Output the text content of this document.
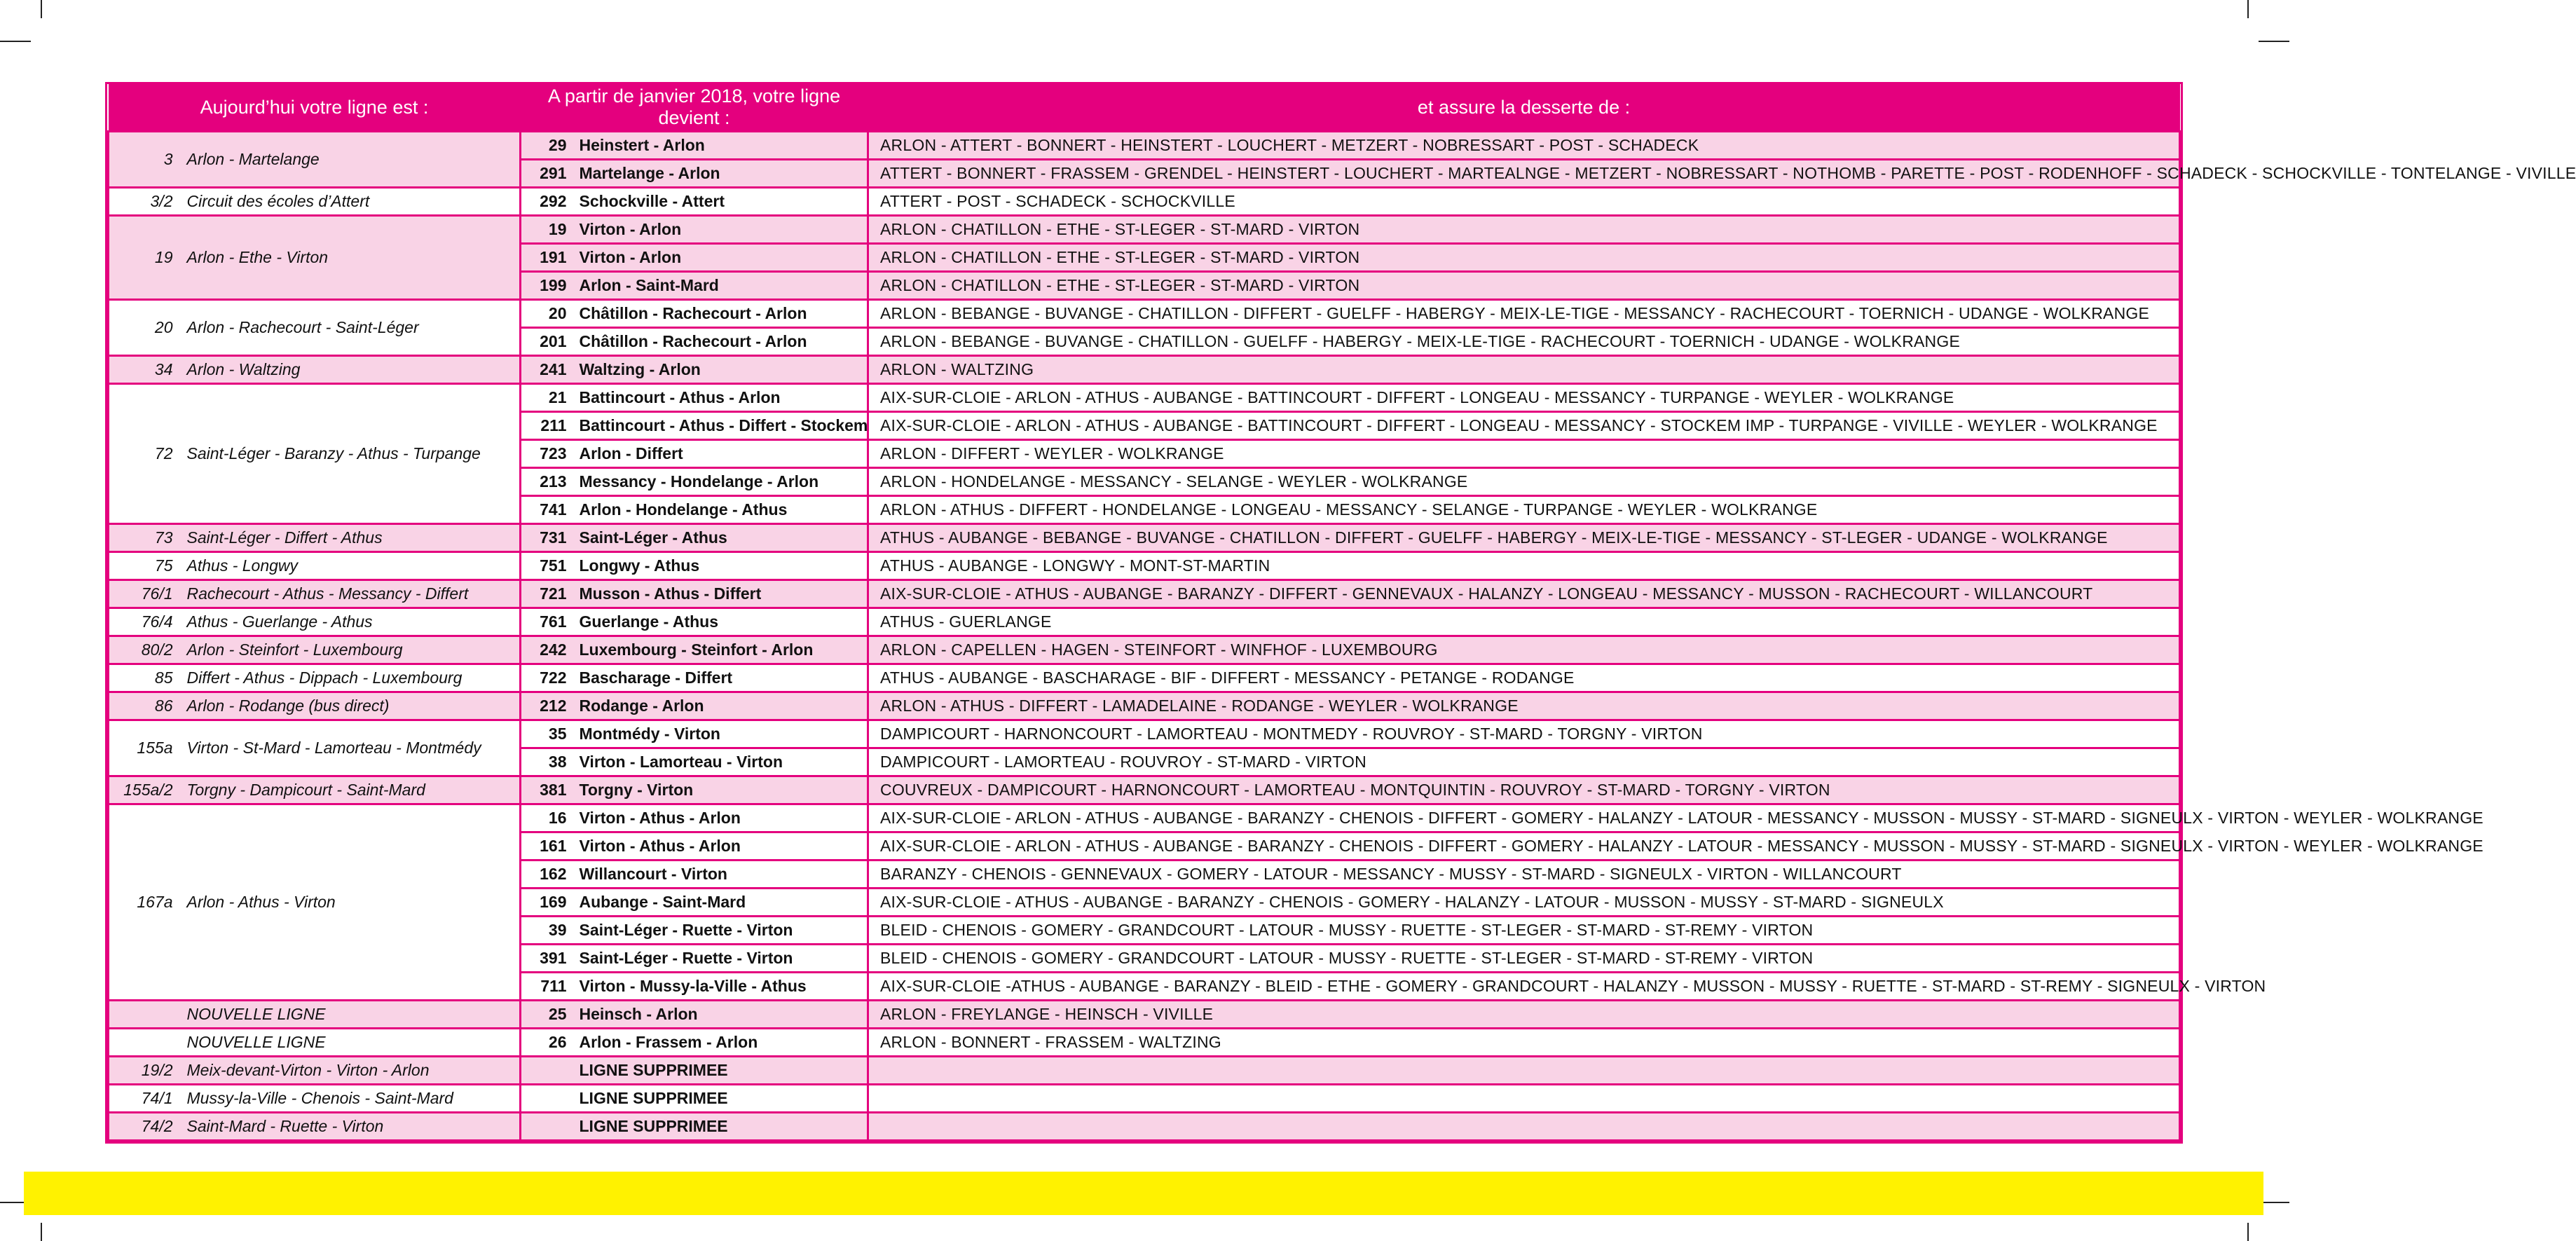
Aujourd’hui votre ligne est :		A partir de janvier 2018, votre ligne devient :		et assure la desserte de :
3	Arlon - Martelange	29	Heinstert - Arlon	ARLON - ATTERT - BONNERT - HEINSTERT - LOUCHERT - METZERT - NOBRESSART - POST - SCHADECK
		291	Martelange - Arlon	ATTERT - BONNERT - FRASSEM - GRENDEL - HEINSTERT - LOUCHERT - MARTEALNGE - METZERT - NOBRESSART - NOTHOMB - PARETTE - POST - RODENHOFF - SCHADECK - SCHOCKVILLE - TONTELANGE - VIVILLE
3/2	Circuit des écoles d’Attert	292	Schockville - Attert	ATTERT - POST - SCHADECK - SCHOCKVILLE
19	Arlon - Ethe - Virton	19	Virton - Arlon	ARLON - CHATILLON - ETHE - ST-LEGER - ST-MARD - VIRTON
		191	Virton - Arlon	ARLON - CHATILLON - ETHE - ST-LEGER - ST-MARD - VIRTON
		199	Arlon - Saint-Mard	ARLON - CHATILLON - ETHE - ST-LEGER - ST-MARD - VIRTON
20	Arlon - Rachecourt - Saint-Léger	20	Châtillon - Rachecourt - Arlon	ARLON - BEBANGE - BUVANGE - CHATILLON - DIFFERT - GUELFF - HABERGY - MEIX-LE-TIGE - MESSANCY - RACHECOURT - TOERNICH - UDANGE - WOLKRANGE
		201	Châtillon - Rachecourt - Arlon	ARLON - BEBANGE - BUVANGE - CHATILLON - GUELFF - HABERGY - MEIX-LE-TIGE - RACHECOURT - TOERNICH - UDANGE - WOLKRANGE
34	Arlon - Waltzing	241	Waltzing - Arlon	ARLON - WALTZING
72	Saint-Léger - Baranzy - Athus - Turpange	21	Battincourt - Athus - Arlon	AIX-SUR-CLOIE - ARLON - ATHUS - AUBANGE - BATTINCOURT - DIFFERT - LONGEAU - MESSANCY - TURPANGE - WEYLER - WOLKRANGE
		211	Battincourt - Athus - Differt - Stockem	AIX-SUR-CLOIE - ARLON - ATHUS - AUBANGE - BATTINCOURT - DIFFERT - LONGEAU - MESSANCY - STOCKEM IMP - TURPANGE - VIVILLE - WEYLER - WOLKRANGE
		723	Arlon - Differt	ARLON - DIFFERT - WEYLER - WOLKRANGE
		213	Messancy - Hondelange - Arlon	ARLON - HONDELANGE - MESSANCY - SELANGE - WEYLER - WOLKRANGE
		741	Arlon - Hondelange - Athus	ARLON - ATHUS - DIFFERT - HONDELANGE - LONGEAU - MESSANCY - SELANGE - TURPANGE - WEYLER - WOLKRANGE
73	Saint-Léger - Differt - Athus	731	Saint-Léger - Athus	ATHUS - AUBANGE - BEBANGE - BUVANGE - CHATILLON - DIFFERT - GUELFF - HABERGY - MEIX-LE-TIGE - MESSANCY - ST-LEGER - UDANGE - WOLKRANGE
75	Athus - Longwy	751	Longwy - Athus	ATHUS - AUBANGE - LONGWY - MONT-ST-MARTIN
76/1	Rachecourt - Athus - Messancy - Differt	721	Musson - Athus - Differt	AIX-SUR-CLOIE - ATHUS - AUBANGE - BARANZY - DIFFERT - GENNEVAUX - HALANZY - LONGEAU - MESSANCY - MUSSON - RACHECOURT - WILLANCOURT
76/4	Athus - Guerlange - Athus	761	Guerlange - Athus	ATHUS - GUERLANGE
80/2	Arlon - Steinfort - Luxembourg	242	Luxembourg - Steinfort - Arlon	ARLON - CAPELLEN - HAGEN - STEINFORT - WINFHOF - LUXEMBOURG
85	Differt - Athus - Dippach - Luxembourg	722	Bascharage - Differt	ATHUS - AUBANGE - BASCHARAGE - BIF - DIFFERT - MESSANCY - PETANGE - RODANGE
86	Arlon - Rodange (bus direct)	212	Rodange - Arlon	ARLON - ATHUS - DIFFERT - LAMADELAINE - RODANGE - WEYLER - WOLKRANGE
155a	Virton - St-Mard - Lamorteau - Montmédy	35	Montmédy - Virton	DAMPICOURT - HARNONCOURT - LAMORTEAU - MONTMEDY - ROUVROY - ST-MARD - TORGNY - VIRTON
		38	Virton - Lamorteau - Virton	DAMPICOURT - LAMORTEAU - ROUVROY - ST-MARD - VIRTON
155a/2	Torgny - Dampicourt - Saint-Mard	381	Torgny - Virton	COUVREUX - DAMPICOURT - HARNONCOURT - LAMORTEAU - MONTQUINTIN - ROUVROY - ST-MARD - TORGNY - VIRTON
167a	Arlon - Athus - Virton	16	Virton - Athus - Arlon	AIX-SUR-CLOIE - ARLON - ATHUS - AUBANGE - BARANZY - CHENOIS - DIFFERT - GOMERY - HALANZY - LATOUR - MESSANCY - MUSSON - MUSSY - ST-MARD - SIGNEULX - VIRTON - WEYLER - WOLKRANGE
		161	Virton - Athus - Arlon	AIX-SUR-CLOIE - ARLON - ATHUS - AUBANGE - BARANZY - CHENOIS - DIFFERT - GOMERY - HALANZY - LATOUR - MESSANCY - MUSSON - MUSSY - ST-MARD - SIGNEULX - VIRTON - WEYLER - WOLKRANGE
		162	Willancourt - Virton	BARANZY - CHENOIS - GENNEVAUX - GOMERY - LATOUR - MESSANCY - MUSSY - ST-MARD - SIGNEULX - VIRTON - WILLANCOURT
		169	Aubange - Saint-Mard	AIX-SUR-CLOIE - ATHUS - AUBANGE - BARANZY - CHENOIS - GOMERY - HALANZY - LATOUR - MUSSON - MUSSY - ST-MARD - SIGNEULX
		39	Saint-Léger - Ruette - Virton	BLEID - CHENOIS - GOMERY - GRANDCOURT - LATOUR - MUSSY - RUETTE - ST-LEGER - ST-MARD - ST-REMY - VIRTON
		391	Saint-Léger - Ruette - Virton	BLEID - CHENOIS - GOMERY - GRANDCOURT - LATOUR - MUSSY - RUETTE - ST-LEGER - ST-MARD - ST-REMY - VIRTON
		711	Virton - Mussy-la-Ville - Athus	AIX-SUR-CLOIE -ATHUS - AUBANGE - BARANZY - BLEID - ETHE - GOMERY - GRANDCOURT - HALANZY - MUSSON - MUSSY - RUETTE - ST-MARD - ST-REMY - SIGNEULX - VIRTON
	NOUVELLE LIGNE	25	Heinsch - Arlon	ARLON - FREYLANGE - HEINSCH - VIVILLE
	NOUVELLE LIGNE	26	Arlon - Frassem - Arlon	ARLON - BONNERT - FRASSEM - WALTZING
19/2	Meix-devant-Virton - Virton - Arlon		LIGNE SUPPRIMEE	
74/1	Mussy-la-Ville - Chenois - Saint-Mard		LIGNE SUPPRIMEE	
74/2	Saint-Mard - Ruette - Virton		LIGNE SUPPRIMEE	
